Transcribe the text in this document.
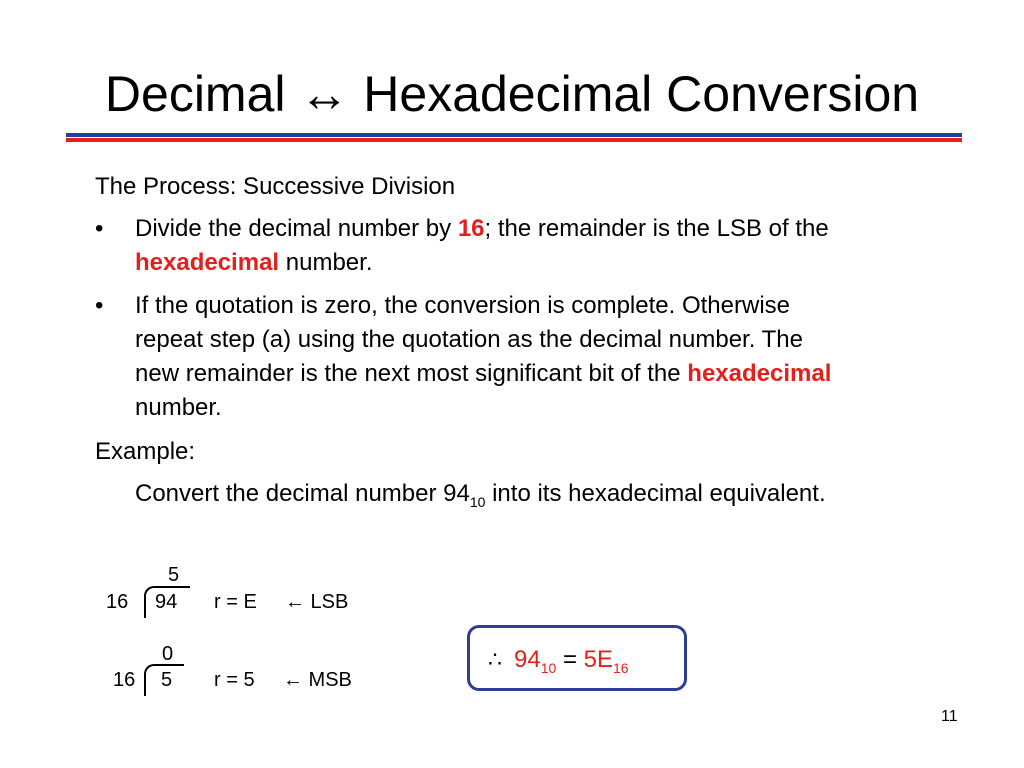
Decimal ↔ Hexadecimal Conversion
The Process: Successive Division
• Divide the decimal number by 16; the remainder is the LSB of the
hexadecimal number.
• If the quotation is zero, the conversion is complete. Otherwise
repeat step (a) using the quotation as the decimal number. The
new remainder is the next most significant bit of the hexadecimal
number.
Example:
Convert the decimal number $94_{10}$ into its hexadecimal equivalent.
5
16 94 r = E ← LSB
0
16 5 r = 5 ← MSB
∴ $94_{10} = 5E_{16}$
11
